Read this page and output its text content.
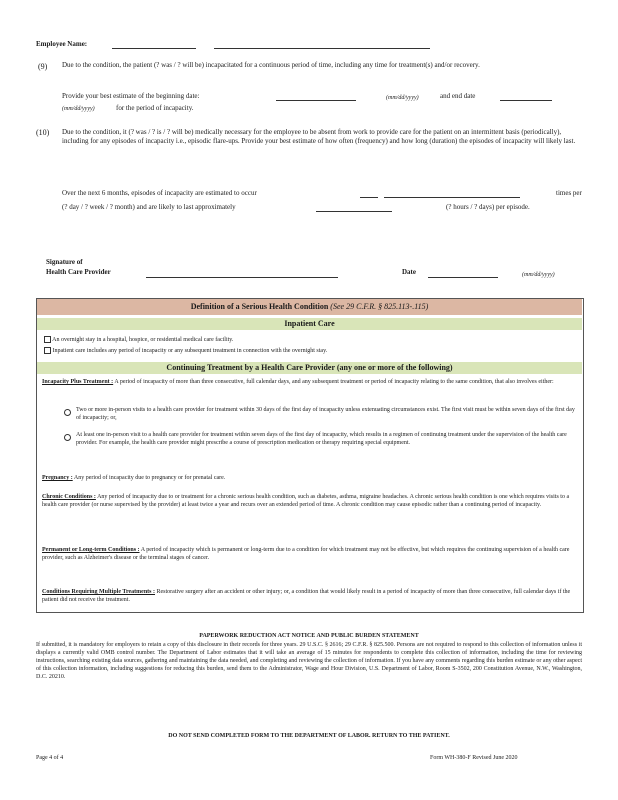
Employee Name:
(9) Due to the condition, the patient (? was / ? will be) incapacitated for a continuous period of time, including any time for treatment(s) and/or recovery.
Provide your best estimate of the beginning date:	(mm/dd/yyyy)	and end date
(mm/dd/yyyy)	for the period of incapacity.
(10) Due to the condition, it (? was / ? is / ? will be) medically necessary for the employee to be absent from work to provide care for the patient on an intermittent basis (periodically), including for any episodes of incapacity i.e., episodic flare-ups. Provide your best estimate of how often (frequency) and how long (duration) the episodes of incapacity will likely last.
Over the next 6 months, episodes of incapacity are estimated to occur	times per
(? day / ? week / ? month) and are likely to last approximately	(? hours / ? days) per episode.
Signature of
Health Care Provider	Date	(mm/dd/yyyy)
Definition of a Serious Health Condition (See 29 C.F.R. § 825.113-.115)
Inpatient Care
An overnight stay in a hospital, hospice, or residential medical care facility.
Inpatient care includes any period of incapacity or any subsequent treatment in connection with the overnight stay.
Continuing Treatment by a Health Care Provider (any one or more of the following)
Incapacity Plus Treatment : A period of incapacity of more than three consecutive, full calendar days, and any subsequent treatment or period of incapacity relating to the same condition, that also involves either:
Two or more in-person visits to a health care provider for treatment within 30 days of the first day of incapacity unless extenuating circumstances exist. The first visit must be within seven days of the first day of incapacity; or,
At least one in-person visit to a health care provider for treatment within seven days of the first day of incapacity, which results in a regimen of continuing treatment under the supervision of the health care provider. For example, the health care provider might prescribe a course of prescription medication or therapy requiring special equipment.
Pregnancy : Any period of incapacity due to pregnancy or for prenatal care.
Chronic Conditions : Any period of incapacity due to or treatment for a chronic serious health condition, such as diabetes, asthma, migraine headaches. A chronic serious health condition is one which requires visits to a health care provider (or nurse supervised by the provider) at least twice a year and recurs over an extended period of time. A chronic condition may cause episodic rather than a continuing period of incapacity.
Permanent or Long-term Conditions : A period of incapacity which is permanent or long-term due to a condition for which treatment may not be effective, but which requires the continuing supervision of a health care provider, such as Alzheimer's disease or the terminal stages of cancer.
Conditions Requiring Multiple Treatments : Restorative surgery after an accident or other injury; or, a condition that would likely result in a period of incapacity of more than three consecutive, full calendar days if the patient did not receive the treatment.
PAPERWORK REDUCTION ACT NOTICE AND PUBLIC BURDEN STATEMENT
If submitted, it is mandatory for employers to retain a copy of this disclosure in their records for three years. 29 U.S.C. § 2616; 29 C.F.R. § 825.500. Persons are not required to respond to this collection of information unless it displays a currently valid OMB control number. The Department of Labor estimates that it will take an average of 15 minutes for respondents to complete this collection of information, including the time for reviewing instructions, searching existing data sources, gathering and maintaining the data needed, and completing and reviewing the collection of information. If you have any comments regarding this burden estimate or any other aspect of this collection information, including suggestions for reducing this burden, send them to the Administrator, Wage and Hour Division, U.S. Department of Labor, Room S-3502, 200 Constitution Avenue, N.W., Washington, D.C. 20210.
DO NOT SEND COMPLETED FORM TO THE DEPARTMENT OF LABOR. RETURN TO THE PATIENT.
Page 4 of 4	Form WH-380-F Revised June 2020
